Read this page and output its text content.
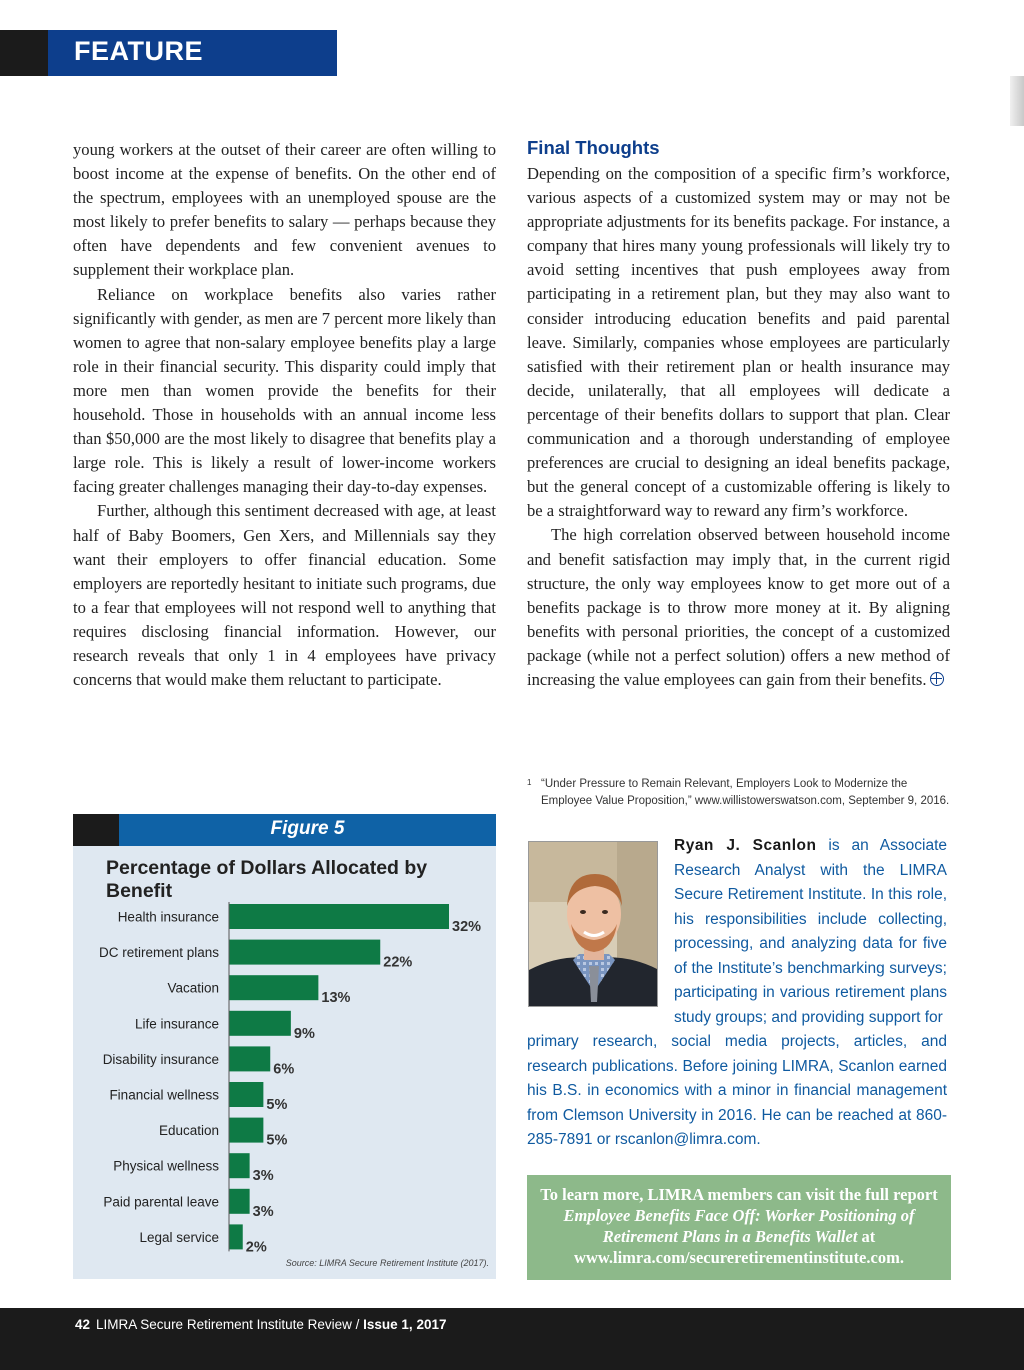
FEATURE

young workers at the outset of their career are often willing to boost income at the expense of benefits. On the other end of the spectrum, employees with an unemployed spouse are the most likely to prefer benefits to salary — perhaps because they often have dependents and few convenient avenues to supplement their workplace plan.

Reliance on workplace benefits also varies rather significantly with gender, as men are 7 percent more likely than women to agree that non-salary employee benefits play a large role in their financial security. This disparity could imply that more men than women provide the benefits for their household. Those in households with an annual income less than $50,000 are the most likely to disagree that benefits play a large role. This is likely a result of lower-income workers facing greater challenges managing their day-to-day expenses.

Further, although this sentiment decreased with age, at least half of Baby Boomers, Gen Xers, and Millennials say they want their employers to offer financial education. Some employers are reportedly hesitant to initiate such programs, due to a fear that employees will not respond well to anything that requires disclosing financial information. However, our research reveals that only 1 in 4 employees have privacy concerns that would make them reluctant to participate.

Final Thoughts

Depending on the composition of a specific firm’s workforce, various aspects of a customized system may or may not be appropriate adjustments for its benefits package. For instance, a company that hires many young professionals will likely try to avoid setting incentives that push employees away from participating in a retirement plan, but they may also want to consider introducing education benefits and paid parental leave. Similarly, companies whose employees are particularly satisfied with their retirement plan or health insurance may decide, unilaterally, that all employees will dedicate a percentage of their benefits dollars to support that plan. Clear communication and a thorough understanding of employee preferences are crucial to designing an ideal benefits package, but the general concept of a customizable offering is likely to be a straightforward way to reward any firm’s workforce.

The high correlation observed between household income and benefit satisfaction may imply that, in the current rigid structure, the only way employees know to get more out of a benefits package is to throw more money at it. By aligning benefits with personal priorities, the concept of a customized package (while not a perfect solution) offers a new method of increasing the value employees can gain from their benefits.

1 “Under Pressure to Remain Relevant, Employers Look to Modernize the Employee Value Proposition,” www.willistowerswatson.com, September 9, 2016.
Figure 5
Percentage of Dollars Allocated by Benefit
Health insurance
32%
DC retirement plans
22%
Vacation
13%
Life insurance
9%
Disability insurance
6%
Financial wellness
5%
Education
5%
Physical wellness
3%
Paid parental leave
3%
Legal service
2%
Source: LIMRA Secure Retirement Institute (2017).
Ryan J. Scanlon is an Associate Research Analyst with the LIMRA Secure Retirement Institute. In this role, his responsibilities include collecting, processing, and analyzing data for five of the Institute’s benchmarking surveys; participating in various retirement plans study groups; and providing support for
primary research, social media projects, articles, and research publications. Before joining LIMRA, Scanlon earned his B.S. in economics with a minor in financial management from Clemson University in 2016. He can be reached at 860-285-7891 or rscanlon@limra.com.
To learn more, LIMRA members can visit the full report Employee Benefits Face Off: Worker Positioning of Retirement Plans in a Benefits Wallet at www.limra.com/secureretirementinstitute.com.
42 LIMRA Secure Retirement Institute Review / Issue 1, 2017
